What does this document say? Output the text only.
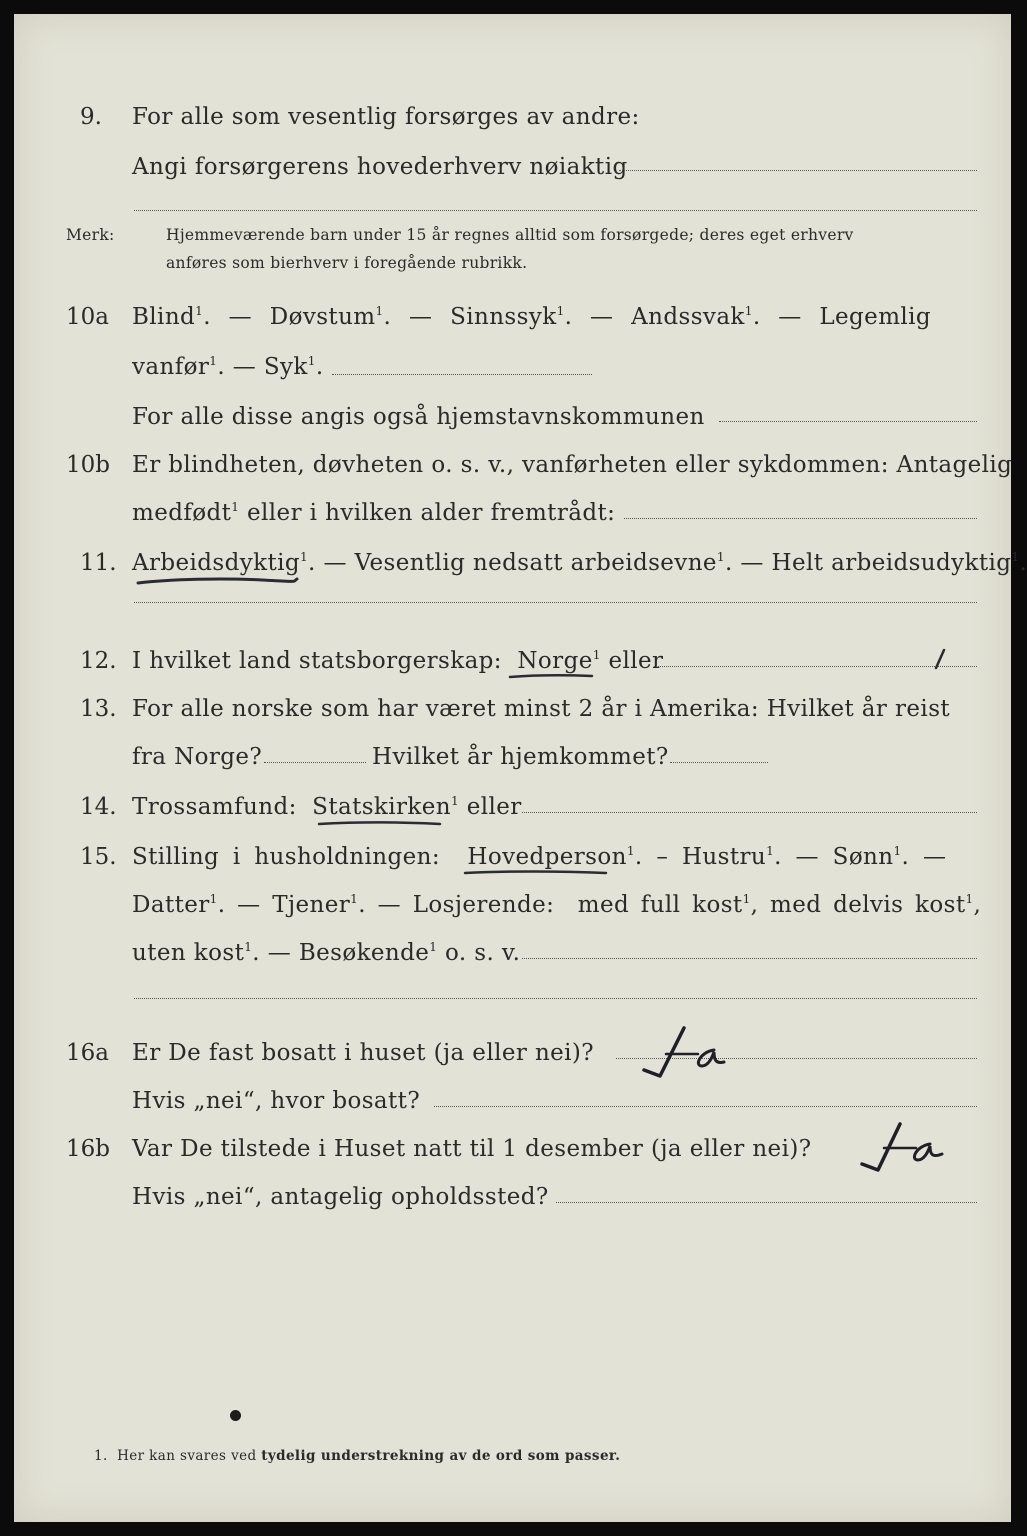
9. For alle som vesentlig forsørges av andre:
Angi forsørgerens hovederhverv nøiaktig
Merk:	Hjemmeværende barn under 15 år regnes alltid som forsørgede; deres eget erhverv
anføres som bierhverv i foregående rubrikk.
10a Blind$^1$. — Døvstum$^1$. — Sinnssyk$^1$. — Andssvak$^1$. — Legemlig
vanfør$^1$. — Syk$^1$.
For alle disse angis også hjemstavnskommunen
10b Er blindheten, døvheten o. s. v., vanførheten eller sykdommen: Antagelig
medfødt$^1$ eller i hvilken alder fremtrådt:
11. Arbeidsdyktig$^1$. — Vesentlig nedsatt arbeidsevne$^1$. — Helt arbeidsudyktig$^1$.
12. I hvilket land statsborgerskap: Norge$^1$ eller
13. For alle norske som har været minst 2 år i Amerika: Hvilket år reist
fra Norge?	Hvilket år hjemkommet?
14. Trossamfund: Statskirken$^1$ eller
15. Stilling i husholdningen: Hovedperson$^1$. – Hustru$^1$. — Sønn$^1$. —
Datter$^1$. — Tjener$^1$. — Losjerende: med full kost$^1$, med delvis kost$^1$,
uten kost$^1$. — Besøkende$^1$ o. s. v.
16a Er De fast bosatt i huset (ja eller nei)?
Hvis „nei“, hvor bosatt?
16b Var De tilstede i Huset natt til 1 desember (ja eller nei)?
Hvis „nei“, antagelig opholdssted?
1. Her kan svares ved tydelig understrekning av de ord som passer.
